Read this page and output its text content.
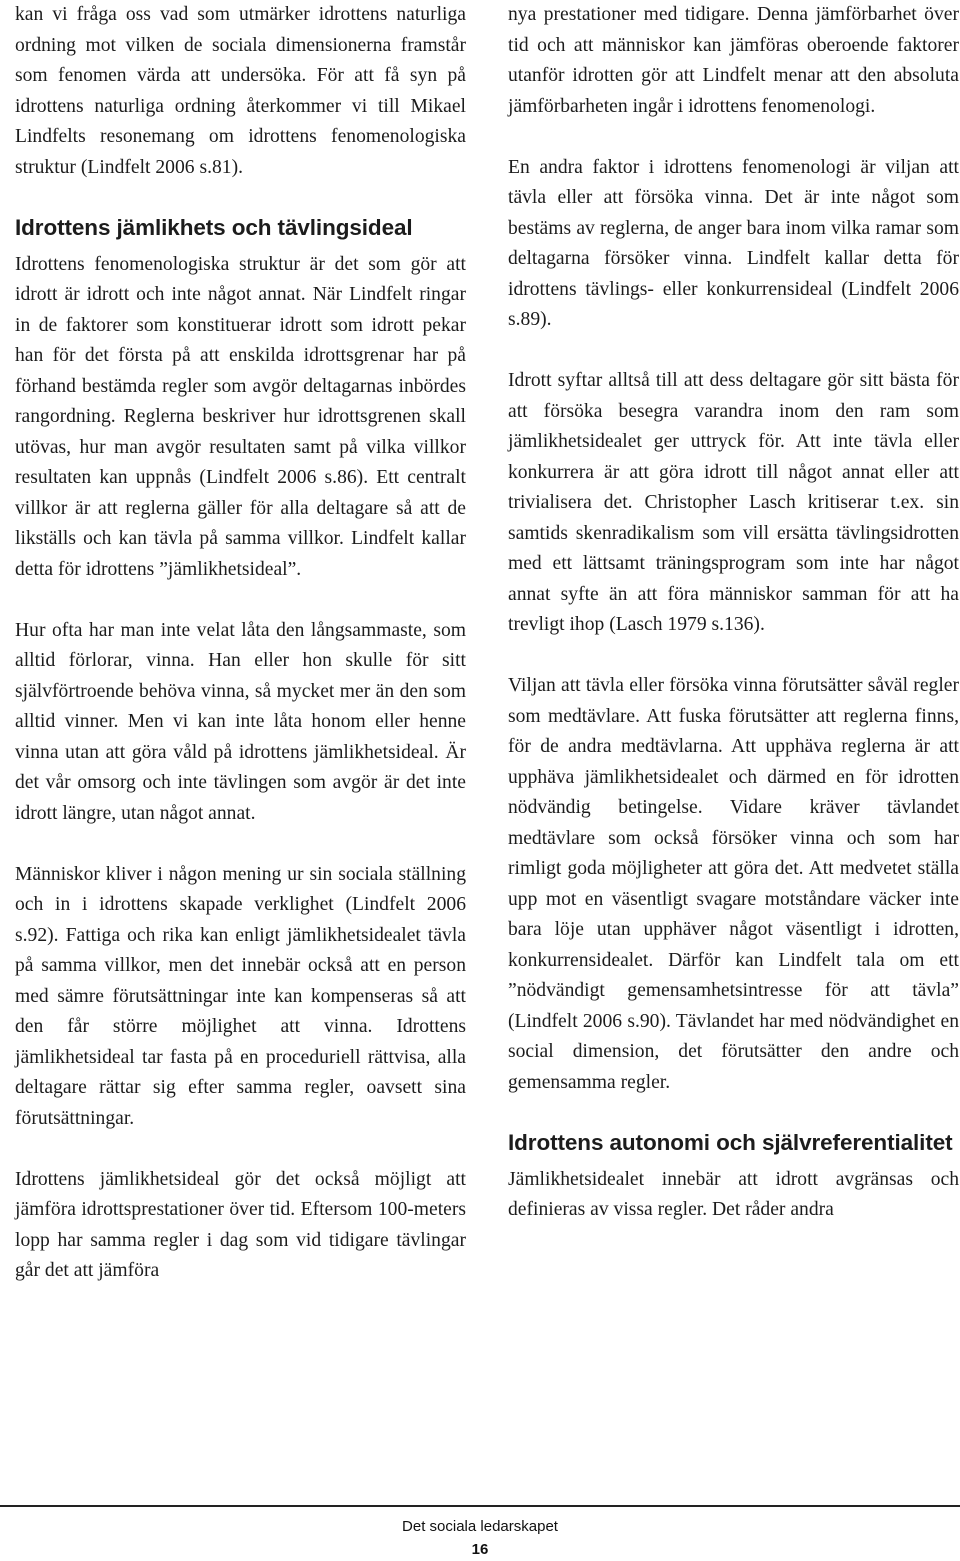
kan vi fråga oss vad som utmärker idrottens naturliga ordning mot vilken de sociala dimensionerna framstår som fenomen värda att undersöka. För att få syn på idrottens naturliga ordning återkommer vi till Mikael Lindfelts resonemang om idrottens fenomenologiska struktur (Lindfelt 2006 s.81).

Idrottens jämlikhets och tävlingsideal

Idrottens fenomenologiska struktur är det som gör att idrott är idrott och inte något annat. När Lindfelt ringar in de faktorer som konstituerar idrott som idrott pekar han för det första på att enskilda idrottsgrenar har på förhand bestämda regler som avgör deltagarnas inbördes rangordning. Reglerna beskriver hur idrottsgrenen skall utövas, hur man avgör resultaten samt på vilka villkor resultaten kan uppnås (Lindfelt 2006 s.86). Ett centralt villkor är att reglerna gäller för alla deltagare så att de likställs och kan tävla på samma villkor. Lindfelt kallar detta för idrottens ”jämlikhetsideal”.

Hur ofta har man inte velat låta den långsammaste, som alltid förlorar, vinna. Han eller hon skulle för sitt självförtroende behöva vinna, så mycket mer än den som alltid vinner. Men vi kan inte låta honom eller henne vinna utan att göra våld på idrottens jämlikhetsideal. Är det vår omsorg och inte tävlingen som avgör är det inte idrott längre, utan något annat.

Människor kliver i någon mening ur sin sociala ställning och in i idrottens skapade verklighet (Lindfelt 2006 s.92). Fattiga och rika kan enligt jämlikhetsidealet tävla på samma villkor, men det innebär också att en person med sämre förutsättningar inte kan kompenseras så att den får större möjlighet att vinna. Idrottens jämlikhetsideal tar fasta på en proceduriell rättvisa, alla deltagare rättar sig efter samma regler, oavsett sina förutsättningar.

Idrottens jämlikhetsideal gör det också möjligt att jämföra idrottsprestationer över tid. Eftersom 100-meters lopp har samma regler i dag som vid tidigare tävlingar går det att jämföra

nya prestationer med tidigare. Denna jämförbarhet över tid och att människor kan jämföras oberoende faktorer utanför idrotten gör att Lindfelt menar att den absoluta jämförbarheten ingår i idrottens fenomenologi.

En andra faktor i idrottens fenomenologi är viljan att tävla eller att försöka vinna. Det är inte något som bestäms av reglerna, de anger bara inom vilka ramar som deltagarna försöker vinna. Lindfelt kallar detta för idrottens tävlings- eller konkurrensideal (Lindfelt 2006 s.89).

Idrott syftar alltså till att dess deltagare gör sitt bästa för att försöka besegra varandra inom den ram som jämlikhetsidealet ger uttryck för. Att inte tävla eller konkurrera är att göra idrott till något annat eller att trivialisera det. Christopher Lasch kritiserar t.ex. sin samtids skenradikalism som vill ersätta tävlingsidrotten med ett lättsamt träningsprogram som inte har något annat syfte än att föra människor samman för att ha trevligt ihop (Lasch 1979 s.136).

Viljan att tävla eller försöka vinna förutsätter såväl regler som medtävlare. Att fuska förutsätter att reglerna finns, för de andra medtävlarna. Att upphäva reglerna är att upphäva jämlikhetsidealet och därmed en för idrotten nödvändig betingelse. Vidare kräver tävlandet medtävlare som också försöker vinna och som har rimligt goda möjligheter att göra det. Att medvetet ställa upp mot en väsentligt svagare motståndare väcker inte bara löje utan upphäver något väsentligt i idrotten, konkurrensidealet. Därför kan Lindfelt tala om ett ”nödvändigt gemensamhetsintresse för att tävla” (Lindfelt 2006 s.90). Tävlandet har med nödvändighet en social dimension, det förutsätter den andre och gemensamma regler.

Idrottens autonomi och självreferentialitet

Jämlikhetsidealet innebär att idrott avgränsas och definieras av vissa regler. Det råder andra

Det sociala ledarskapet
16
